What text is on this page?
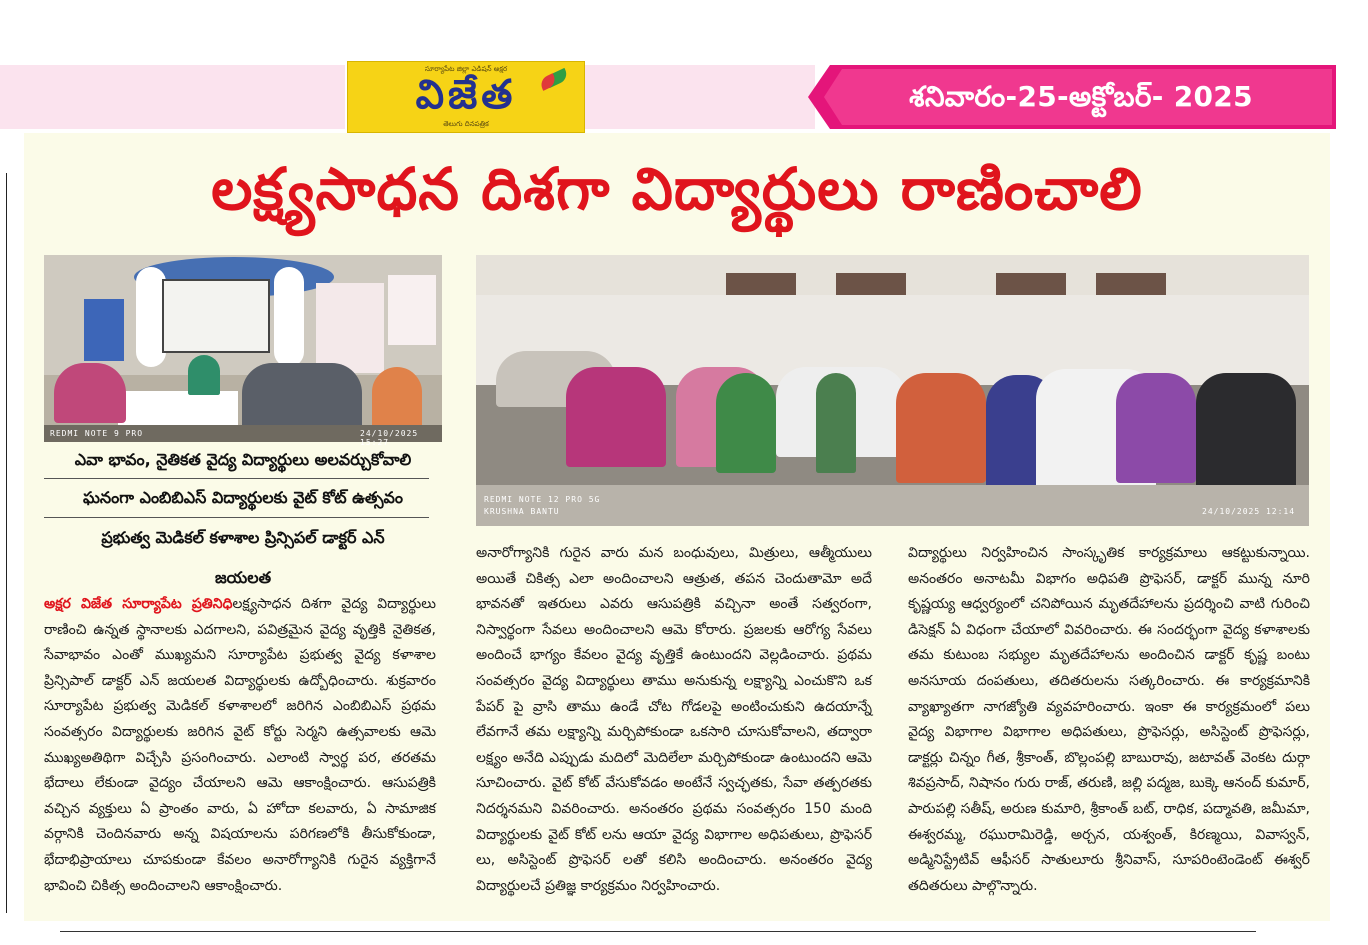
శనివారం-25-అక్టోబర్- 2025
సూర్యాపేట జిల్లా ఎడిషన్ అక్షర
విజేత
తెలుగు దినపత్రిక
లక్ష్యసాధన దిశగా విద్యార్థులు రాణించాలి
REDMI NOTE 9 PRO	24/10/2025 15:27
REDMI NOTE 12 PRO 5G
KRUSHNA BANTU	24/10/2025 12:14
ఎవా భావం, నైతికత వైద్య విద్యార్థులు అలవర్చుకోవాలి
ఘనంగా ఎంబిబిఎస్ విద్యార్థులకు వైట్ కోట్ ఉత్సవం
ప్రభుత్వ మెడికల్ కళాశాల ప్రిన్సిపల్ డాక్టర్ ఎన్
జయలత
అక్షర విజేత సూర్యాపేట ప్రతినిధిలక్ష్యసాధన దిశగా వైద్య విద్యార్థులు రాణించి ఉన్నత స్థానాలకు ఎదగాలని, పవిత్రమైన వైద్య వృత్తికి నైతికత, సేవాభావం ఎంతో ముఖ్యమని సూర్యాపేట ప్రభుత్వ వైద్య కళాశాల ప్రిన్సిపాల్ డాక్టర్ ఎన్ జయలత విద్యార్థులకు ఉద్బోధించారు. శుక్రవారం సూర్యాపేట ప్రభుత్వ మెడికల్ కళాశాలలో జరిగిన ఎంబిబిఎస్ ప్రథమ సంవత్సరం విద్యార్థులకు జరిగిన వైట్ కోర్టు సెర్మని ఉత్సవాలకు ఆమె ముఖ్యఅతిథిగా విచ్చేసి ప్రసంగించారు. ఎలాంటి స్వార్థ పర, తరతమ భేదాలు లేకుండా వైద్యం చేయాలని ఆమె ఆకాంక్షించారు. ఆసుపత్రికి వచ్చిన వ్యక్తులు ఏ ప్రాంతం వారు, ఏ హోదా కలవారు, ఏ సామాజిక వర్గానికి చెందినవారు అన్న విషయాలను పరిగణలోకి తీసుకోకుండా, భేదాభిప్రాయాలు చూపకుండా కేవలం అనారోగ్యానికి గురైన వ్యక్తిగానే భావించి చికిత్స అందించాలని ఆకాంక్షించారు.
అనారోగ్యానికి గురైన వారు మన బంధువులు, మిత్రులు, ఆత్మీయులు అయితే చికిత్స ఎలా అందించాలని ఆత్రుత, తపన చెందుతామో అదే భావనతో ఇతరులు ఎవరు ఆసుపత్రికి వచ్చినా అంతే సత్వరంగా, నిస్వార్థంగా సేవలు అందించాలని ఆమె కోరారు. ప్రజలకు ఆరోగ్య సేవలు అందించే భాగ్యం కేవలం వైద్య వృత్తికే ఉంటుందని వెల్లడించారు. ప్రథమ సంవత్సరం వైద్య విద్యార్థులు తాము అనుకున్న లక్ష్యాన్ని ఎంచుకొని ఒక పేపర్ పై వ్రాసి తాము ఉండే చోట గోడలపై అంటించుకుని ఉదయాన్నే లేవగానే తమ లక్ష్యాన్ని మర్చిపోకుండా ఒకసారి చూసుకోవాలని, తద్వారా లక్ష్యం అనేది ఎప్పుడు మదిలో మెదిలేలా మర్చిపోకుండా ఉంటుందని ఆమె సూచించారు. వైట్ కోట్ వేసుకోవడం అంటేనే స్వచ్ఛతకు, సేవా తత్పరతకు నిదర్శనమని వివరించారు. అనంతరం ప్రథమ సంవత్సరం 150 మంది విద్యార్థులకు వైట్ కోట్ లను ఆయా వైద్య విభాగాల అధిపతులు, ప్రొఫెసర్ లు, అసిస్టెంట్ ప్రొఫెసర్ లతో కలిసి అందించారు. అనంతరం వైద్య విద్యార్థులచే ప్రతిజ్ఞ కార్యక్రమం నిర్వహించారు.
విద్యార్థులు నిర్వహించిన సాంస్కృతిక కార్యక్రమాలు ఆకట్టుకున్నాయి. అనంతరం అనాటమీ విభాగం అధిపతి ప్రొఫెసర్, డాక్టర్ మున్న నూరి కృష్ణయ్య ఆధ్వర్యంలో చనిపోయిన మృతదేహాలను ప్రదర్శించి వాటి గురించి డిసెక్షన్ ఏ విధంగా చేయాలో వివరించారు. ఈ సందర్భంగా వైద్య కళాశాలకు తమ కుటుంబ సభ్యుల మృతదేహాలను అందించిన డాక్టర్ కృష్ణ బంటు అనసూయ దంపతులు, తదితరులను సత్కరించారు. ఈ కార్యక్రమానికి వ్యాఖ్యాతగా నాగజ్యోతి వ్యవహరించారు. ఇంకా ఈ కార్యక్రమంలో పలు వైద్య విభాగాల విభాగాల అధిపతులు, ప్రొఫెసర్లు, అసిస్టెంట్ ప్రొఫెసర్లు, డాక్టర్లు చిన్నం గీత, శ్రీకాంత్, బొల్లంపల్లి బాబురావు, జటావత్ వెంకట దుర్గా శివప్రసాద్, నిషానం గురు రాజ్, తరుణి, జల్లి పద్మజ, బుక్కె ఆనంద్ కుమార్, పారుపల్లి సతీష్, అరుణ కుమారి, శ్రీకాంత్ బట్, రాధిక, పద్మావతి, జమీమా, ఈశ్వరమ్మ, రఘురామిరెడ్డి, అర్చన, యశ్వంత్, కిరణ్మయి, వివాస్వన్, అడ్మినిస్ట్రేటివ్ ఆఫీసర్ సాతులూరు శ్రీనివాస్, సూపరింటెండెంట్ ఈశ్వర్ తదితరులు పాల్గొన్నారు.
